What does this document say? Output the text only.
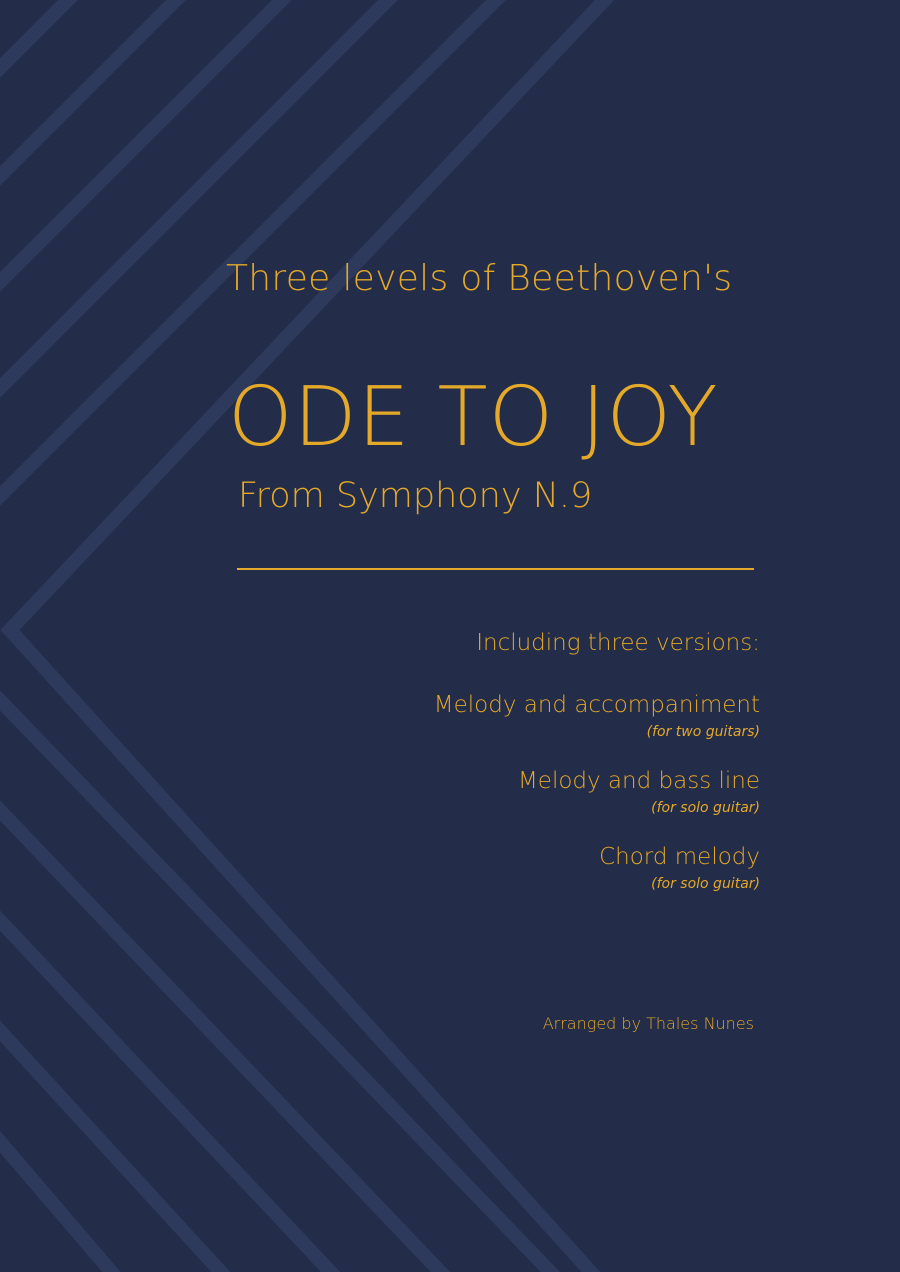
Three levels of Beethoven's
ODE TO JOY
From Symphony N.9
Including three versions:
Melody and accompaniment
(for two guitars)
Melody and bass line
(for solo guitar)
Chord melody
(for solo guitar)
Arranged by Thales Nunes
